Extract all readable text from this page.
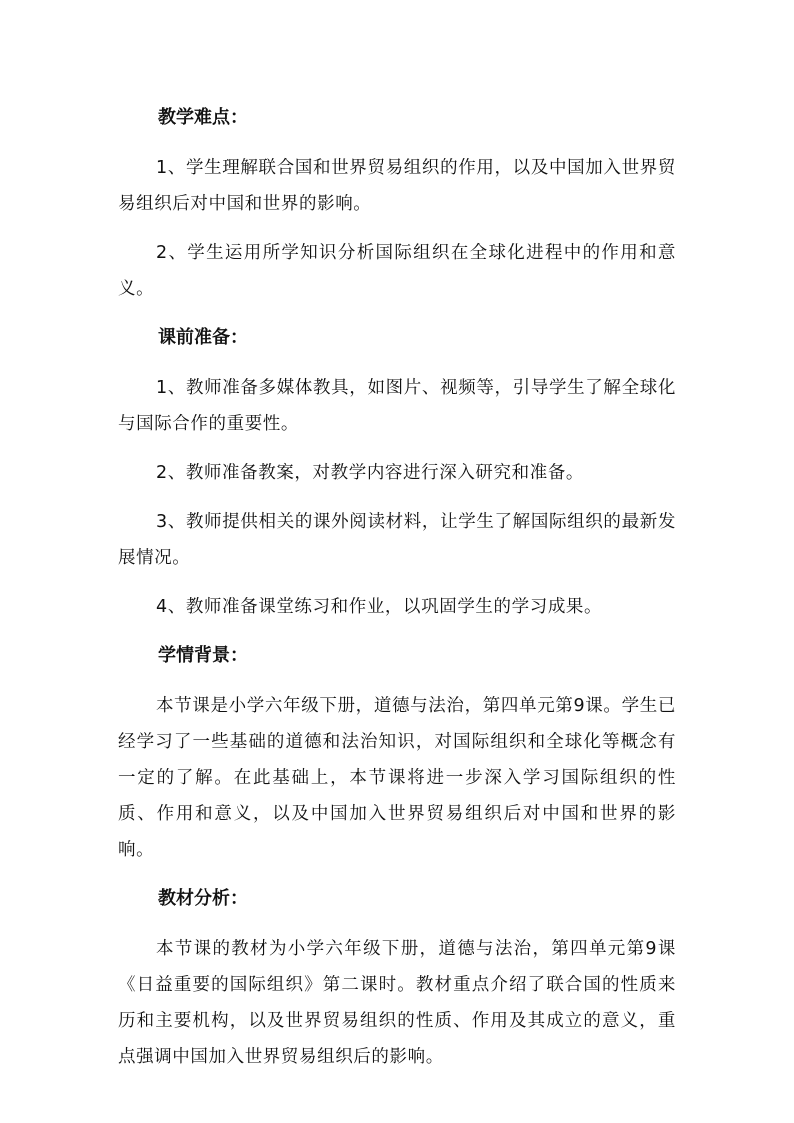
教学难点：

1、学生理解联合国和世界贸易组织的作用，以及中国加入世界贸易组织后对中国和世界的影响。

2、学生运用所学知识分析国际组织在全球化进程中的作用和意义。

课前准备：

1、教师准备多媒体教具，如图片、视频等，引导学生了解全球化与国际合作的重要性。

2、教师准备教案，对教学内容进行深入研究和准备。

3、教师提供相关的课外阅读材料，让学生了解国际组织的最新发展情况。

4、教师准备课堂练习和作业，以巩固学生的学习成果。

学情背景：

本节课是小学六年级下册，道德与法治，第四单元第9课。学生已经学习了一些基础的道德和法治知识，对国际组织和全球化等概念有一定的了解。在此基础上，本节课将进一步深入学习国际组织的性质、作用和意义，以及中国加入世界贸易组织后对中国和世界的影响。

教材分析：

本节课的教材为小学六年级下册，道德与法治，第四单元第9课《日益重要的国际组织》第二课时。教材重点介绍了联合国的性质来历和主要机构，以及世界贸易组织的性质、作用及其成立的意义，重点强调中国加入世界贸易组织后的影响。
